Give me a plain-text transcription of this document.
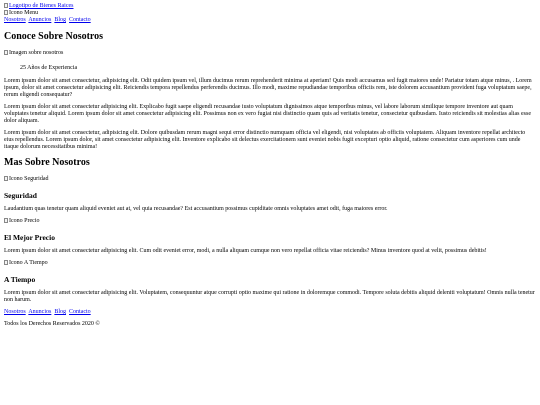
Logotipo de Bienes Raices
Icono Menu
Nosotros Anuncios Blog Contacto
Conoce Sobre Nosotros
Imagen sobre nosotros

25 Años de Experiencia

Lorem ipsum dolor sit amet consectetur, adipisicing elit. Odit quidem ipsum vel, illum ducimus rerum reprehenderit minima at aperiam! Quis modi accusamus sed fugit maiores unde! Pariatur totam atque minus, . Lorem ipsum, dolor sit amet consectetur adipisicing elit. Reiciendis tempora repellendus perferendis ducimus. Illo modi, maxime repudiandae temporibus officiis rem, iste dolorem accusantium provident fuga voluptatum saepe, rerum eligendi consequatur?

Lorem ipsum dolor sit amet consectetur adipisicing elit. Explicabo fugit saepe eligendi recusandae iusto voluptatum dignissimos atque temporibus minus, vel labore laborum similique tempore inventore aut quam voluptates tenetur aliquid. Lorem ipsum dolor sit amet consectetur adipisicing elit. Possimus non ex vero fugiat nisi distinctio quam quis ad veritatis tenetur, consectetur quibusdam. Iusto reiciendis sit molestias alias esse dolor aliquam.

Lorem ipsum dolor sit amet consectetur, adipisicing elit. Dolore quibusdam rerum magni sequi error distinctio numquam officia vel eligendi, nisi voluptates ab officiis voluptatem. Aliquam inventore repellat architecto eius repellendus. Lorem ipsum dolor, sit amet consectetur adipisicing elit. Inventore explicabo sit delectus exercitationem sunt eveniet nobis fugit excepturi optio aliquid, ratione consectetur cum asperiores cum unde itaque dolorum necessitatibus minima!

Mas Sobre Nosotros
Icono Seguridad
Seguridad

Laudantium quas tenetur quam aliquid eveniet aut at, vel quia recusandae? Est accusantium possimus cupiditate omnis voluptates amet odit, fuga maiores error.

Icono Precio
El Mejor Precio

Lorem ipsum dolor sit amet consectetur adipisicing elit. Cum odit eveniet error, modi, a nulla aliquam cumque non vero repellat officia vitae reiciendis? Minus inventore quod at velit, possimus debitis!

Icono A Tiempo
A Tiempo

Lorem ipsum dolor sit amet consectetur adipisicing elit. Voluptatem, consequuntur atque corrupti optio maxime qui ratione in doloremque commodi. Tempore soluta debitis aliquid deleniti voluptatum! Omnis nulla tenetur non harum.

Nosotros Anuncios Blog Contacto

Todos los Derechos Reservados 2020 ©
